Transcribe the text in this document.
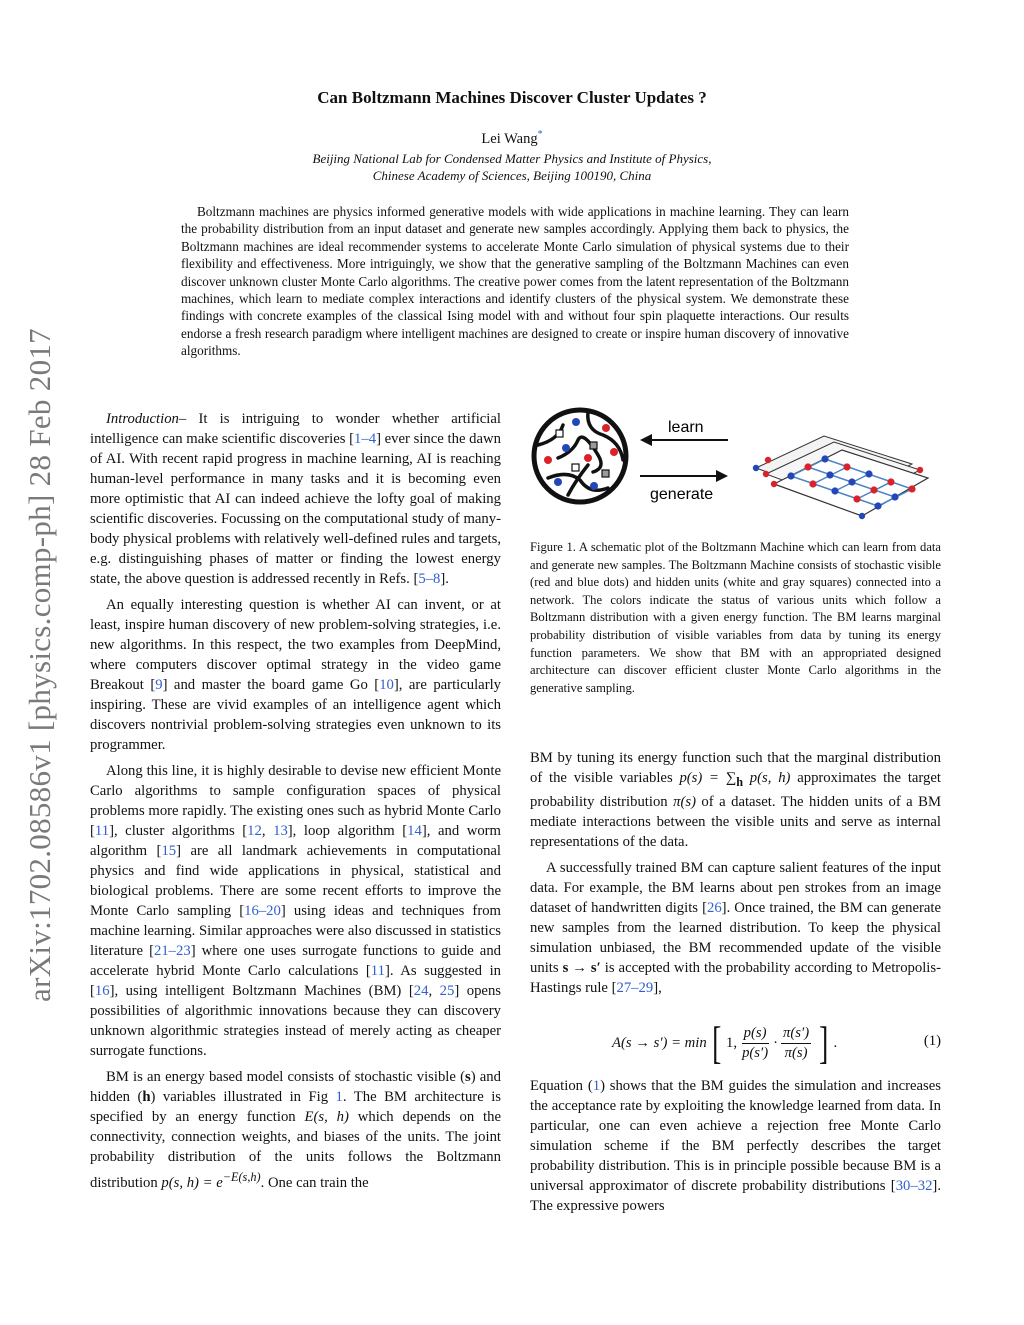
arXiv:1702.08586v1 [physics.comp-ph] 28 Feb 2017
Can Boltzmann Machines Discover Cluster Updates ?
Lei Wang*
Beijing National Lab for Condensed Matter Physics and Institute of Physics,
Chinese Academy of Sciences, Beijing 100190, China

Boltzmann machines are physics informed generative models with wide applications in machine learning. They can learn the probability distribution from an input dataset and generate new samples accordingly. Applying them back to physics, the Boltzmann machines are ideal recommender systems to accelerate Monte Carlo simulation of physical systems due to their flexibility and effectiveness. More intriguingly, we show that the generative sampling of the Boltzmann Machines can even discover unknown cluster Monte Carlo algorithms. The creative power comes from the latent representation of the Boltzmann machines, which learn to mediate complex interactions and identify clusters of the physical system. We demonstrate these findings with concrete examples of the classical Ising model with and without four spin plaquette interactions. Our results endorse a fresh research paradigm where intelligent machines are designed to create or inspire human discovery of innovative algorithms.

Introduction– It is intriguing to wonder whether artificial intelligence can make scientific discoveries [1–4] ever since the dawn of AI. With recent rapid progress in machine learning, AI is reaching human-level performance in many tasks and it is becoming even more optimistic that AI can indeed achieve the lofty goal of making scientific discoveries. Focussing on the computational study of many-body physical problems with relatively well-defined rules and targets, e.g. distinguishing phases of matter or finding the lowest energy state, the above question is addressed recently in Refs. [5–8].

An equally interesting question is whether AI can invent, or at least, inspire human discovery of new problem-solving strategies, i.e. new algorithms. In this respect, the two examples from DeepMind, where computers discover optimal strategy in the video game Breakout [9] and master the board game Go [10], are particularly inspiring. These are vivid examples of an intelligence agent which discovers nontrivial problem-solving strategies even unknown to its programmer.

Along this line, it is highly desirable to devise new efficient Monte Carlo algorithms to sample configuration spaces of physical problems more rapidly. The existing ones such as hybrid Monte Carlo [11], cluster algorithms [12, 13], loop algorithm [14], and worm algorithm [15] are all landmark achievements in computational physics and find wide applications in physical, statistical and biological problems. There are some recent efforts to improve the Monte Carlo sampling [16–20] using ideas and techniques from machine learning. Similar approaches were also discussed in statistics literature [21–23] where one uses surrogate functions to guide and accelerate hybrid Monte Carlo calculations [11]. As suggested in [16], using intelligent Boltzmann Machines (BM) [24, 25] opens possibilities of algorithmic innovations because they can discovery unknown algorithmic strategies instead of merely acting as cheaper surrogate functions.

BM is an energy based model consists of stochastic visible (s) and hidden (h) variables illustrated in Fig 1. The BM architecture is specified by an energy function E(s, h) which depends on the connectivity, connection weights, and biases of the units. The joint probability distribution of the units follows the Boltzmann distribution p(s, $h) = e^{-E(s,h)}$. One can train the

learn
generate
Figure 1. A schematic plot of the Boltzmann Machine which can learn from data and generate new samples. The Boltzmann Machine consists of stochastic visible (red and blue dots) and hidden units (white and gray squares) connected into a network. The colors indicate the status of various units which follow a Boltzmann distribution with a given energy function. The BM learns marginal probability distribution of visible variables from data by tuning its energy function parameters. We show that BM with an appropriated designed architecture can discover efficient cluster Monte Carlo algorithms in the generative sampling.

BM by tuning its energy function such that the marginal distribution of the visible variables $p(s) = \sum_h$ p(s, h) approximates the target probability distribution π(s) of a dataset. The hidden units of a BM mediate interactions between the visible units and serve as internal representations of the data.

A successfully trained BM can capture salient features of the input data. For example, the BM learns about pen strokes from an image dataset of handwritten digits [26]. Once trained, the BM can generate new samples from the learned distribution. To keep the physical simulation unbiased, the BM recommended update of the visible units s → s′ is accepted with the probability according to Metropolis-Hastings rule [27–29],

A(s → s′) = min [ 1, $\frac{p(s)}{p(s')} \cdot \frac{\pi(s')}{\pi(s)}$ ] .	(1)

Equation (1) shows that the BM guides the simulation and increases the acceptance rate by exploiting the knowledge learned from data. In particular, one can even achieve a rejection free Monte Carlo simulation scheme if the BM perfectly describes the target probability distribution. This is in principle possible because BM is a universal approximator of discrete probability distributions [30–32]. The expressive powers
